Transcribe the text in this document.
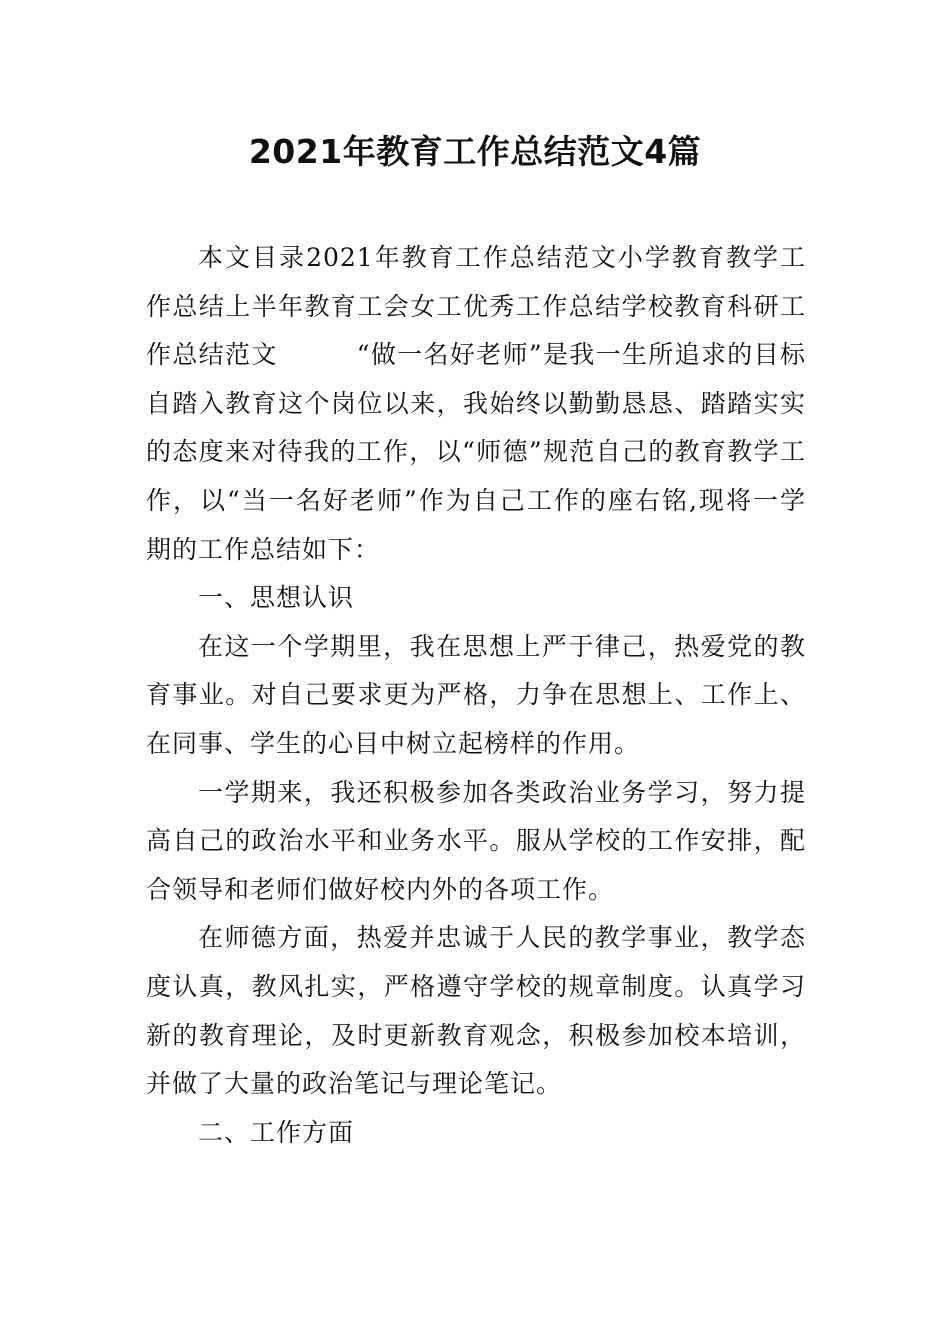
2021年教育工作总结范文4篇

本文目录2021年教育工作总结范文小学教育教学工作总结上半年教育工会女工优秀工作总结学校教育科研工作总结范文　　　“做一名好老师”是我一生所追求的目标自踏入教育这个岗位以来，我始终以勤勤恳恳、踏踏实实的态度来对待我的工作，以“师德”规范自己的教育教学工作，以“当一名好老师”作为自己工作的座右铭,现将一学期的工作总结如下：

一、思想认识

在这一个学期里，我在思想上严于律己，热爱党的教育事业。对自己要求更为严格，力争在思想上、工作上、在同事、学生的心目中树立起榜样的作用。

一学期来，我还积极参加各类政治业务学习，努力提高自己的政治水平和业务水平。服从学校的工作安排，配合领导和老师们做好校内外的各项工作。

在师德方面，热爱并忠诚于人民的教学事业，教学态度认真，教风扎实，严格遵守学校的规章制度。认真学习新的教育理论，及时更新教育观念，积极参加校本培训，并做了大量的政治笔记与理论笔记。

二、工作方面
